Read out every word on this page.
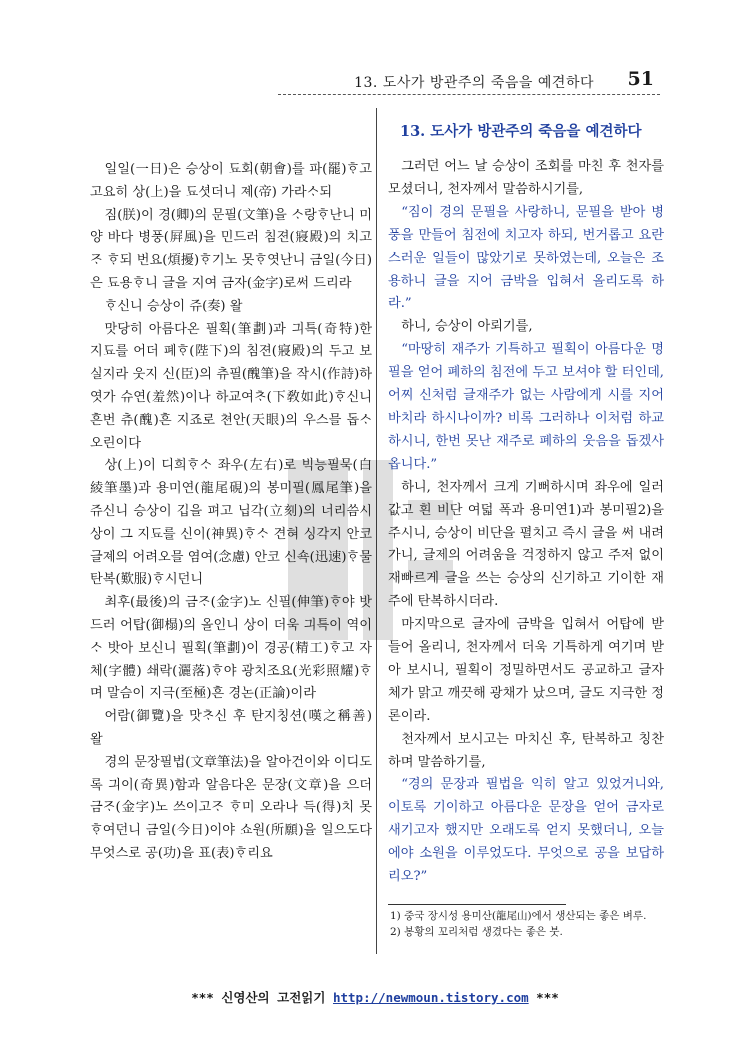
13. 도사가 방관주의 죽음을 예견하다 51

일일(一日)은 승상이 됴회(朝會)를 파(罷)ᄒᆞ고 고요히 상(上)을 됴셧더니 졔(帝) 가라ᄉᆞ되

짐(朕)이 경(卿)의 문필(文筆)을 ᄉᆞ랑ᄒᆞ난니 미양 바다 병풍(屛風)을 민드러 침젼(寢殿)의 치고ᄌᆞ ᄒᆞ되 번요(煩擾)ᄒᆞ기노 못ᄒᆞ엿난니 금일(今日)은 됴용ᄒᆞ니 글을 지여 금자(金字)로써 드리라

ᄒᆞ신니 승상이 쥬(奏) 왈

맛당히 아름다온 필획(筆劃)과 긔특(奇特)한 지됴를 어더 폐ᄒᆞ(陛下)의 침젼(寢殿)의 두고 보실지라 웃지 신(臣)의 츄필(醜筆)을 작시(作詩)하엿가 슈연(羞然)이나 하교여ᄎᆞ(下敎如此)ᄒᆞ신니 흔번 츄(醜)흔 지죠로 쳔안(天眼)의 우스믈 돕ᄉᆞ오린이다

상(上)이 디희ᄒᆞᄉᆞ 좌우(左右)로 빅능필묵(白綾筆墨)과 용미연(龍尾硯)의 봉미필(鳳尾筆)을 쥬신니 승상이 깁을 펴고 닙각(立刻)의 너리씀시 상이 그 지됴를 신이(神異)ᄒᆞᄉᆞ 견혀 싱각지 안코 글졔의 어려오믈 염여(念慮) 안코 신쇽(迅速)ᄒᆞ물 탄복(歎服)ᄒᆞ시던니

최후(最後)의 금ᄌᆞ(金字)노 신필(伸筆)ᄒᆞ야 밧드러 어탑(御榻)의 올인니 상이 더욱 긔특이 역이ᄉᆞ 밧아 보신니 필획(筆劃)이 경공(精工)ᄒᆞ고 자체(字體) 쇄락(灑落)ᄒᆞ야 광치조요(光彩照耀)ᄒᆞ며 말슴이 지극(至極)흔 경논(正論)이라

어람(御覽)을 맛ᄎᆞ신 후 탄지칭션(嘆之稱善) 왈

경의 문장필법(文章筆法)을 알아건이와 이디도록 긔이(奇異)함과 알음다온 문장(文章)을 으더 금ᄌᆞ(金字)노 쓰이고ᄌᆞ ᄒᆞ미 오라나 득(得)치 못ᄒᆞ여던니 금일(今日)이야 쇼원(所願)을 일으도다 무엇스로 공(功)을 표(表)ᄒᆞ리요

13. 도사가 방관주의 죽음을 예견하다

그러던 어느 날 승상이 조회를 마친 후 천자를 모셨더니, 천자께서 말씀하시기를,

“짐이 경의 문필을 사랑하니, 문필을 받아 병풍을 만들어 침전에 치고자 하되, 번거롭고 요란스러운 일들이 많았기로 못하였는데, 오늘은 조용하니 글을 지어 금박을 입혀서 올리도록 하라.”

하니, 승상이 아뢰기를,

“마땅히 재주가 기특하고 필획이 아름다운 명필을 얻어 폐하의 침전에 두고 보셔야 할 터인데, 어찌 신처럼 글재주가 없는 사람에게 시를 지어 바치라 하시나이까? 비록 그러하나 이처럼 하교하시니, 한번 못난 재주로 폐하의 웃음을 돕겠사옵니다.”

하니, 천자께서 크게 기뻐하시며 좌우에 일러 값고 흰 비단 여덟 폭과 용미연1)과 봉미필2)을 주시니, 승상이 비단을 펼치고 즉시 글을 써 내려가니, 글제의 어려움을 걱정하지 않고 주저 없이 재빠르게 글을 쓰는 승상의 신기하고 기이한 재주에 탄복하시더라.

마지막으로 글자에 금박을 입혀서 어탑에 받들어 올리니, 천자께서 더욱 기특하게 여기며 받아 보시니, 필획이 정밀하면서도 공교하고 글자체가 맑고 깨끗해 광채가 났으며, 글도 지극한 정론이라.

천자께서 보시고는 마치신 후, 탄복하고 칭찬하며 말씀하기를,

“경의 문장과 필법을 익히 알고 있었거니와, 이토록 기이하고 아름다운 문장을 얻어 금자로 새기고자 했지만 오래도록 얻지 못했더니, 오늘에야 소원을 이루었도다. 무엇으로 공을 보답하리오?”

1) 중국 장시성 용미산(龍尾山)에서 생산되는 좋은 벼루.
2) 봉황의 꼬리처럼 생겼다는 좋은 붓.
*** 신영산의 고전읽기 http://newmoun.tistory.com ***
